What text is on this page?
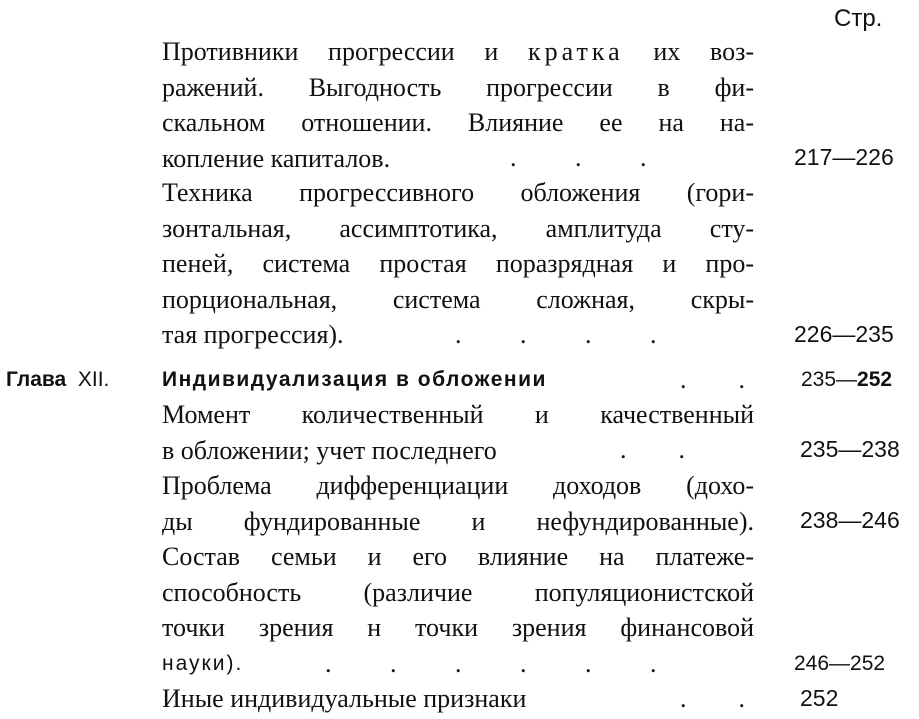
Стр.
Противники прогрессии и кратка их воз-
ражений. Выгодность прогрессии в фи-
скальном отношении. Влияние ее на на-
копление капиталов.	.         .         .	217—226
Техника прогрессивного обложения (гори-
зонтальная, ассимптотика, амплитуда сту-
пеней, система простая поразрядная и про-
порциональная, система сложная, скры-
тая прогрессия).	.         .         .         .	226—235
Глава XII.	Индивидуализация в обложении	.        .	235—252
Момент количественный и качественный
в обложении; учет последнего	.        .	235—238
Проблема дифференциации доходов (дохо-
ды фундированные и нефундированные). 238—246
Состав семьи и его влияние на платеже-
способность (различие популяционистской
точки зрения н точки зрения финансовой
науки).	.         .         .         .         .         .	246—252
Иные индивидуальные признаки	.        . 252
